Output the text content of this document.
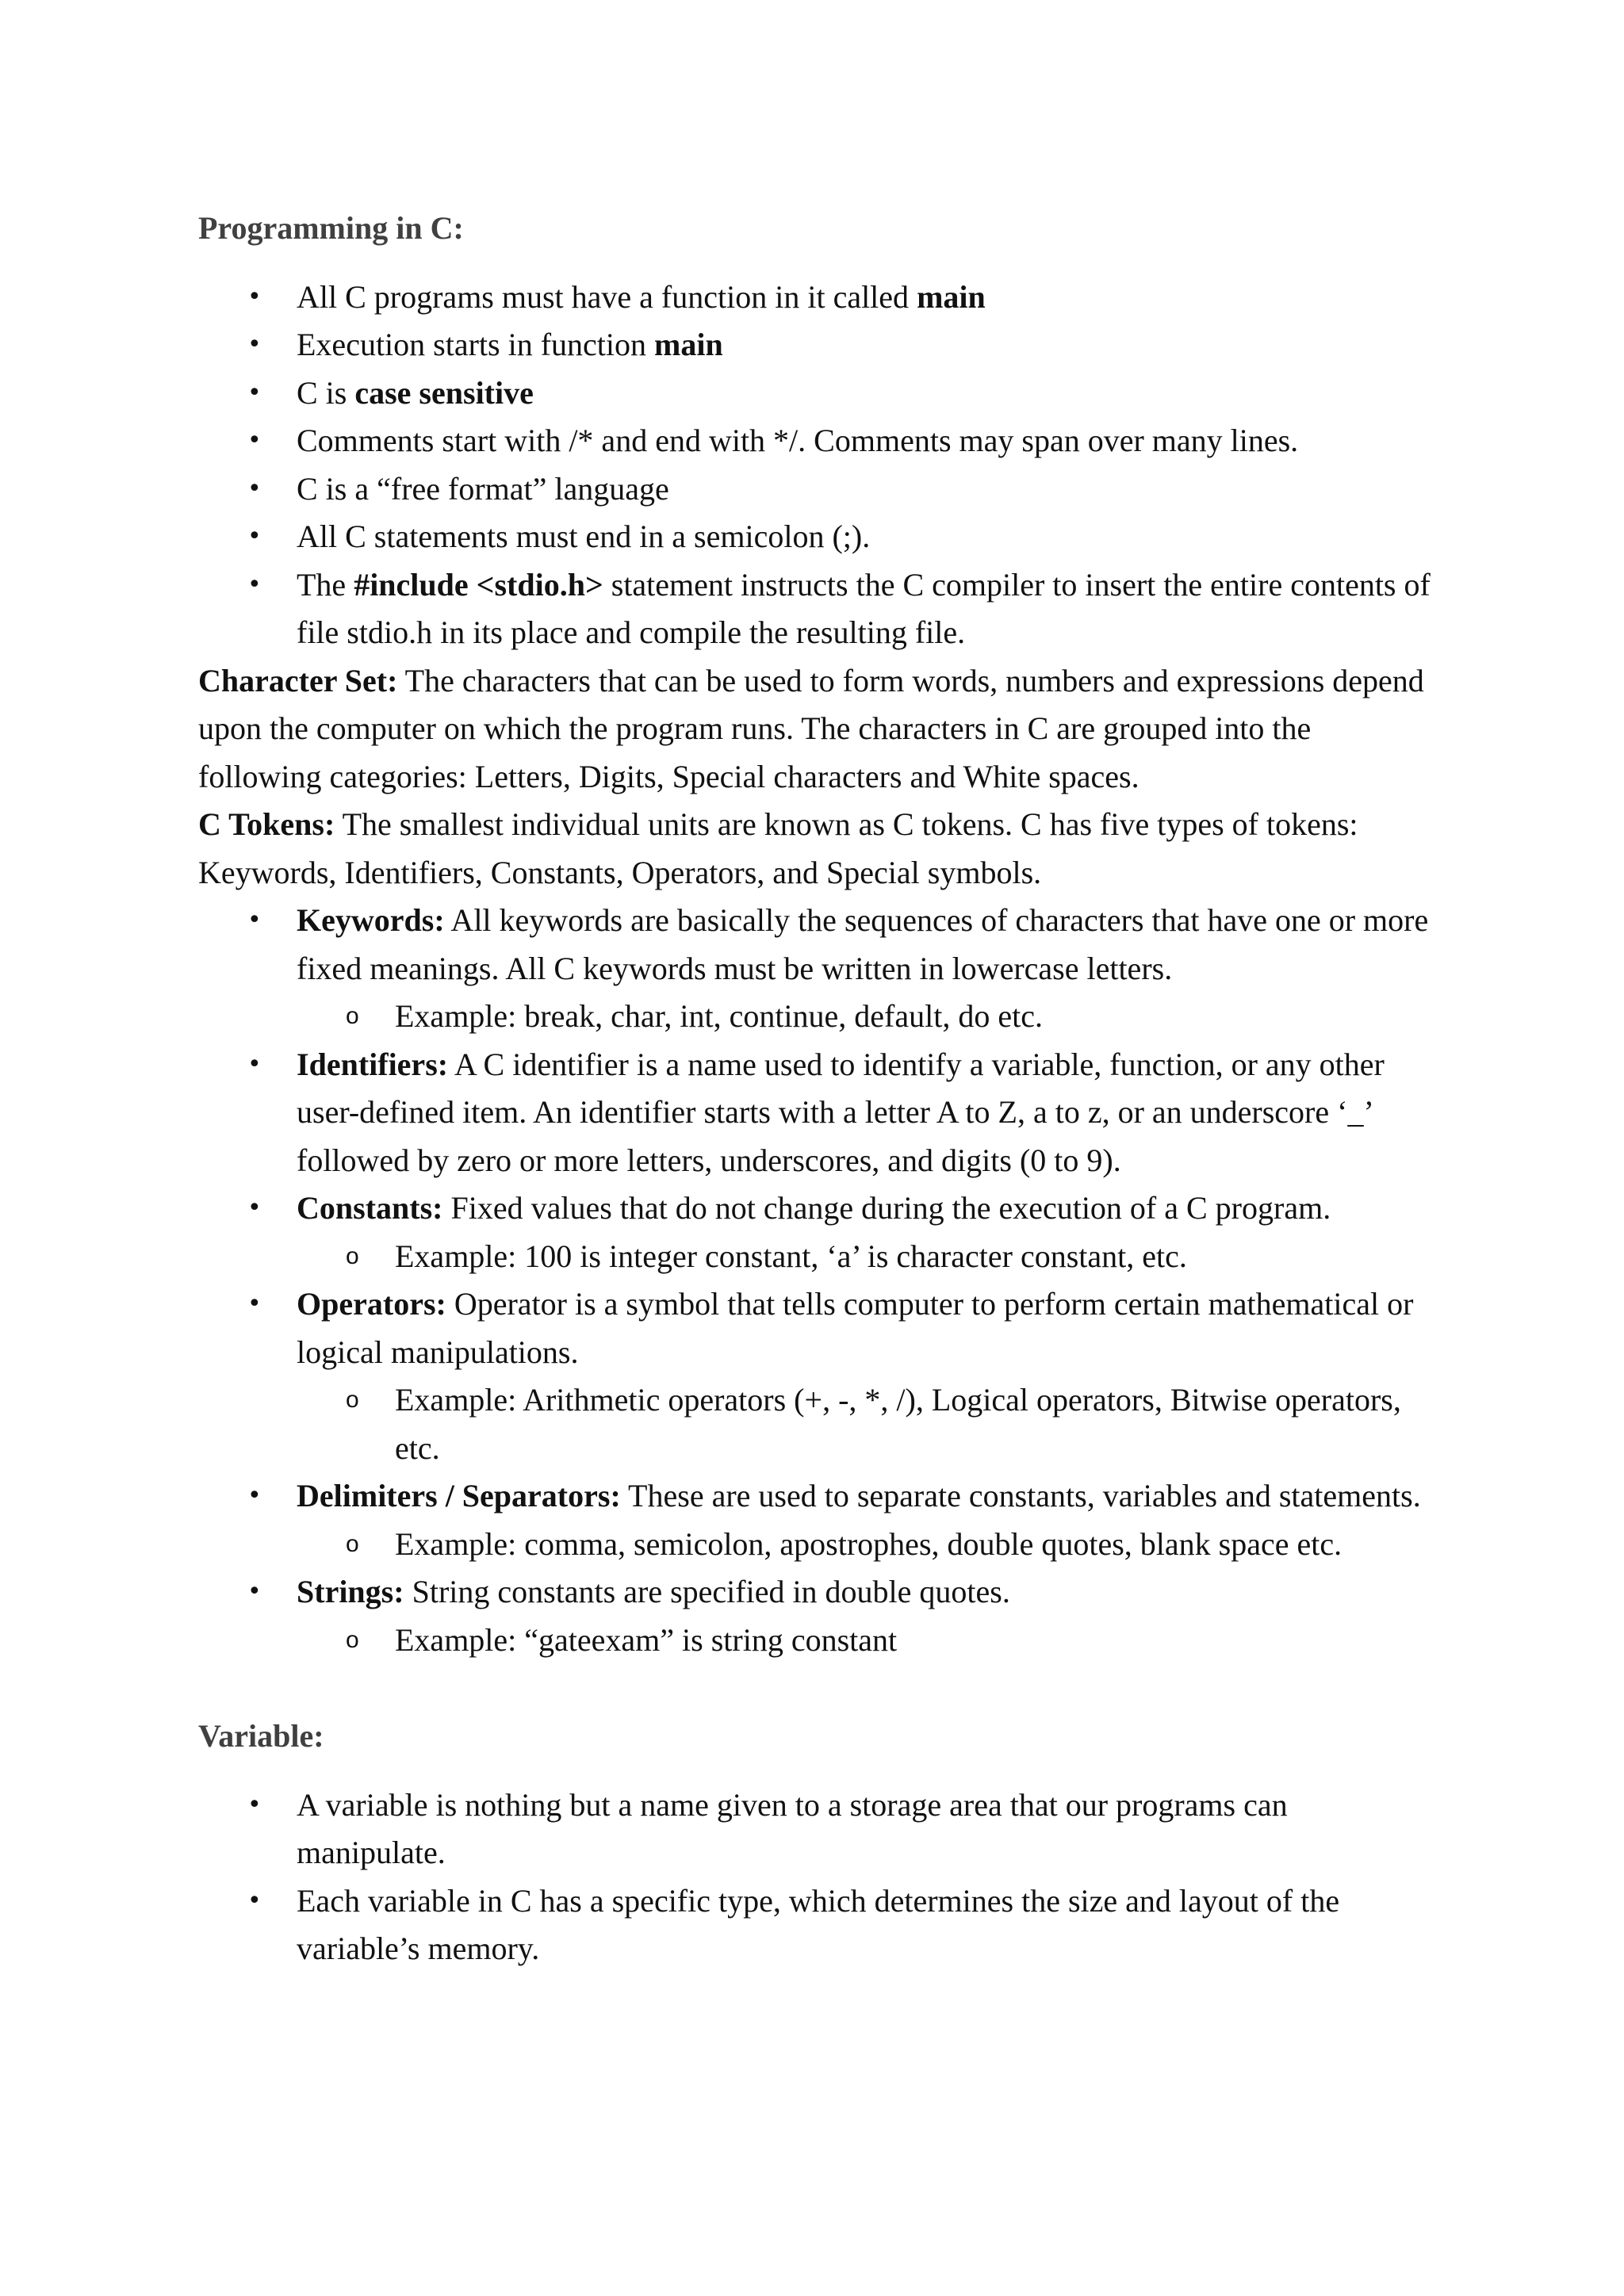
Programming in C:
• All C programs must have a function in it called main
• Execution starts in function main
• C is case sensitive
• Comments start with /* and end with */. Comments may span over many lines.
• C is a “free format” language
• All C statements must end in a semicolon (;).
• The #include <stdio.h> statement instructs the C compiler to insert the entire contents of file stdio.h in its place and compile the resulting file.

Character Set: The characters that can be used to form words, numbers and expressions depend upon the computer on which the program runs. The characters in C are grouped into the following categories: Letters, Digits, Special characters and White spaces.

C Tokens: The smallest individual units are known as C tokens. C has five types of tokens: Keywords, Identifiers, Constants, Operators, and Special symbols.

• Keywords: All keywords are basically the sequences of characters that have one or more fixed meanings. All C keywords must be written in lowercase letters.
o Example: break, char, int, continue, default, do etc.
• Identifiers: A C identifier is a name used to identify a variable, function, or any other user-defined item. An identifier starts with a letter A to Z, a to z, or an underscore ‘_’ followed by zero or more letters, underscores, and digits (0 to 9).
• Constants: Fixed values that do not change during the execution of a C program.
o Example: 100 is integer constant, ‘a’ is character constant, etc.
• Operators: Operator is a symbol that tells computer to perform certain mathematical or logical manipulations.
o Example: Arithmetic operators (+, -, *, /), Logical operators, Bitwise operators, etc.
• Delimiters / Separators: These are used to separate constants, variables and statements.
o Example: comma, semicolon, apostrophes, double quotes, blank space etc.
• Strings: String constants are specified in double quotes.
o Example: “gateexam” is string constant
Variable:
• A variable is nothing but a name given to a storage area that our programs can manipulate.
• Each variable in C has a specific type, which determines the size and layout of the variable’s memory.
